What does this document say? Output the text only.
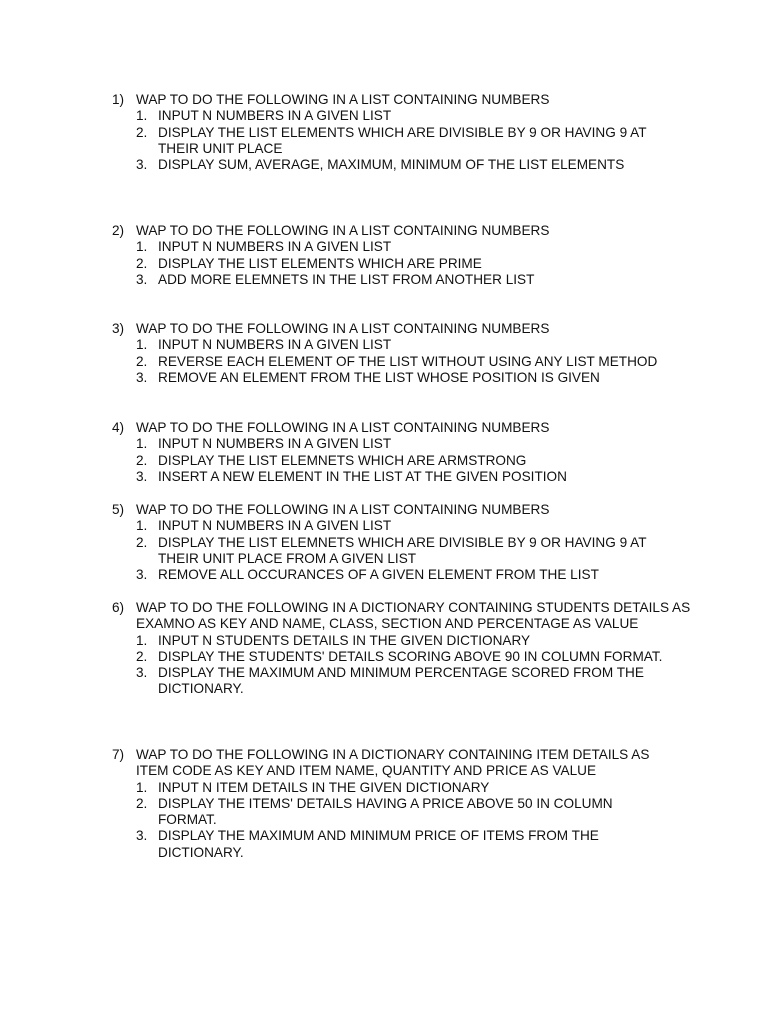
1) WAP TO DO THE FOLLOWING IN A LIST CONTAINING NUMBERS
1. INPUT N NUMBERS IN A GIVEN LIST
2. DISPLAY THE LIST ELEMENTS WHICH ARE DIVISIBLE BY 9 OR HAVING 9 AT THEIR UNIT PLACE
3. DISPLAY SUM, AVERAGE, MAXIMUM, MINIMUM OF THE LIST ELEMENTS
2) WAP TO DO THE FOLLOWING IN A LIST CONTAINING NUMBERS
1. INPUT N NUMBERS IN A GIVEN LIST
2. DISPLAY THE LIST ELEMENTS WHICH ARE PRIME
3. ADD MORE ELEMNETS IN THE LIST FROM ANOTHER LIST
3) WAP TO DO THE FOLLOWING IN A LIST CONTAINING NUMBERS
1. INPUT N NUMBERS IN A GIVEN LIST
2. REVERSE EACH ELEMENT OF THE LIST WITHOUT USING ANY LIST METHOD
3. REMOVE AN ELEMENT FROM THE LIST WHOSE POSITION IS GIVEN
4) WAP TO DO THE FOLLOWING IN A LIST CONTAINING NUMBERS
1. INPUT N NUMBERS IN A GIVEN LIST
2. DISPLAY THE LIST ELEMNETS WHICH ARE ARMSTRONG
3. INSERT A NEW ELEMENT IN THE LIST AT THE GIVEN POSITION
5) WAP TO DO THE FOLLOWING IN A LIST CONTAINING NUMBERS
1. INPUT N NUMBERS IN A GIVEN LIST
2. DISPLAY THE LIST ELEMNETS WHICH ARE DIVISIBLE BY 9 OR HAVING 9 AT THEIR UNIT PLACE FROM A GIVEN LIST
3. REMOVE ALL OCCURANCES OF A GIVEN ELEMENT FROM THE LIST
6) WAP TO DO THE FOLLOWING IN A DICTIONARY CONTAINING STUDENTS DETAILS AS EXAMNO AS KEY AND NAME, CLASS, SECTION AND PERCENTAGE AS VALUE
1. INPUT N STUDENTS DETAILS IN THE GIVEN DICTIONARY
2. DISPLAY THE STUDENTS' DETAILS SCORING ABOVE 90 IN COLUMN FORMAT.
3. DISPLAY THE MAXIMUM AND MINIMUM PERCENTAGE SCORED FROM THE DICTIONARY.
7) WAP TO DO THE FOLLOWING IN A DICTIONARY CONTAINING ITEM DETAILS AS ITEM CODE AS KEY AND ITEM NAME, QUANTITY AND PRICE AS VALUE
1. INPUT N ITEM DETAILS IN THE GIVEN DICTIONARY
2. DISPLAY THE ITEMS' DETAILS HAVING A PRICE ABOVE 50 IN COLUMN FORMAT.
3. DISPLAY THE MAXIMUM AND MINIMUM PRICE OF ITEMS FROM THE DICTIONARY.
